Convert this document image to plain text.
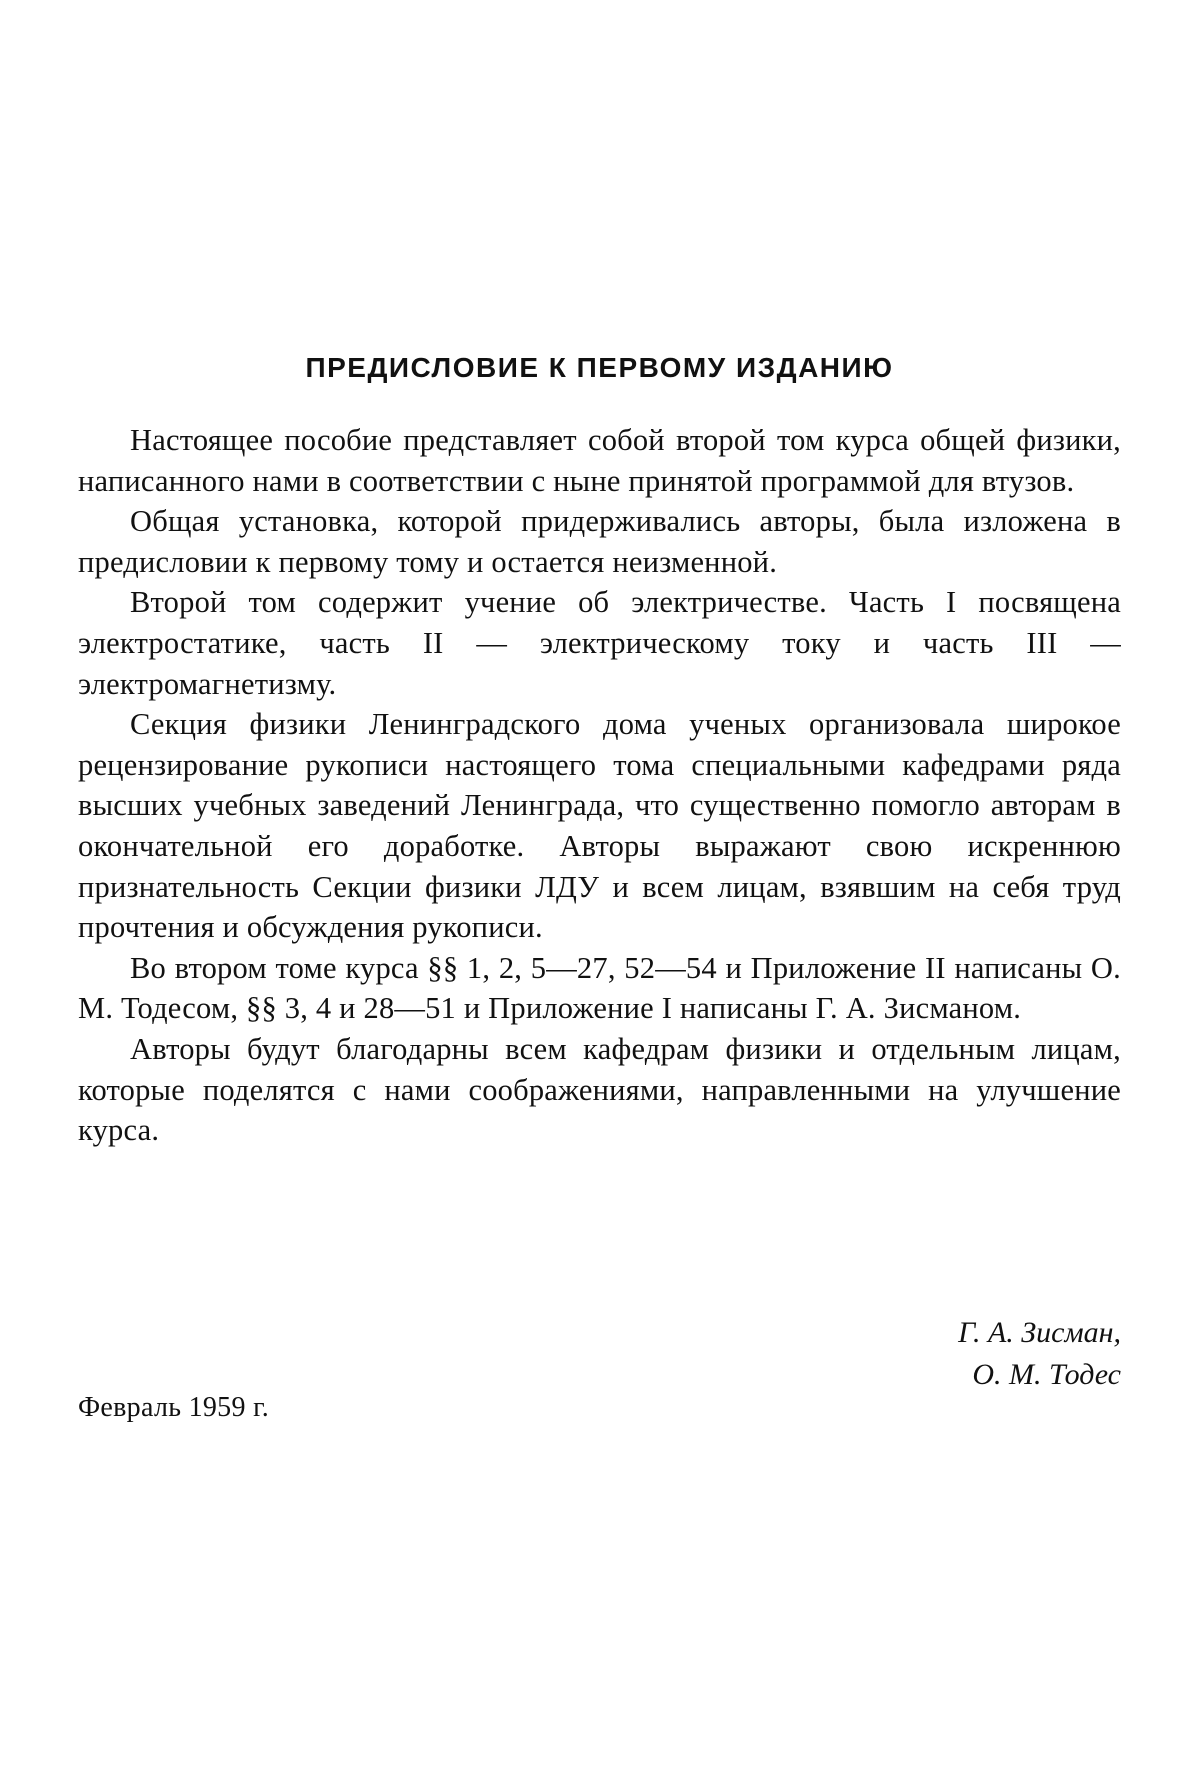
ПРЕДИСЛОВИЕ К ПЕРВОМУ ИЗДАНИЮ

Настоящее пособие представляет собой второй том курса общей физики, написанного нами в соответствии с ныне принятой программой для втузов.

Общая установка, которой придерживались авторы, была изложена в предисловии к первому тому и остается неизменной.

Второй том содержит учение об электричестве. Часть I посвящена электростатике, часть II — электрическому току и часть III — электромагнетизму.

Секция физики Ленинградского дома ученых организовала широкое рецензирование рукописи настоящего тома специальными кафедрами ряда высших учебных заведений Ленинграда, что существенно помогло авторам в окончательной его доработке. Авторы выражают свою искреннюю признательность Секции физики ЛДУ и всем лицам, взявшим на себя труд прочтения и обсуждения рукописи.

Во втором томе курса §§ 1, 2, 5—27, 52—54 и Приложение II написаны О. М. Тодесом, §§ 3, 4 и 28—51 и Приложение I написаны Г. А. Зисманом.

Авторы будут благодарны всем кафедрам физики и отдельным лицам, которые поделятся с нами соображениями, направленными на улучшение курса.

Г. А. Зисман,
О. М. Тодес
Февраль 1959 г.
